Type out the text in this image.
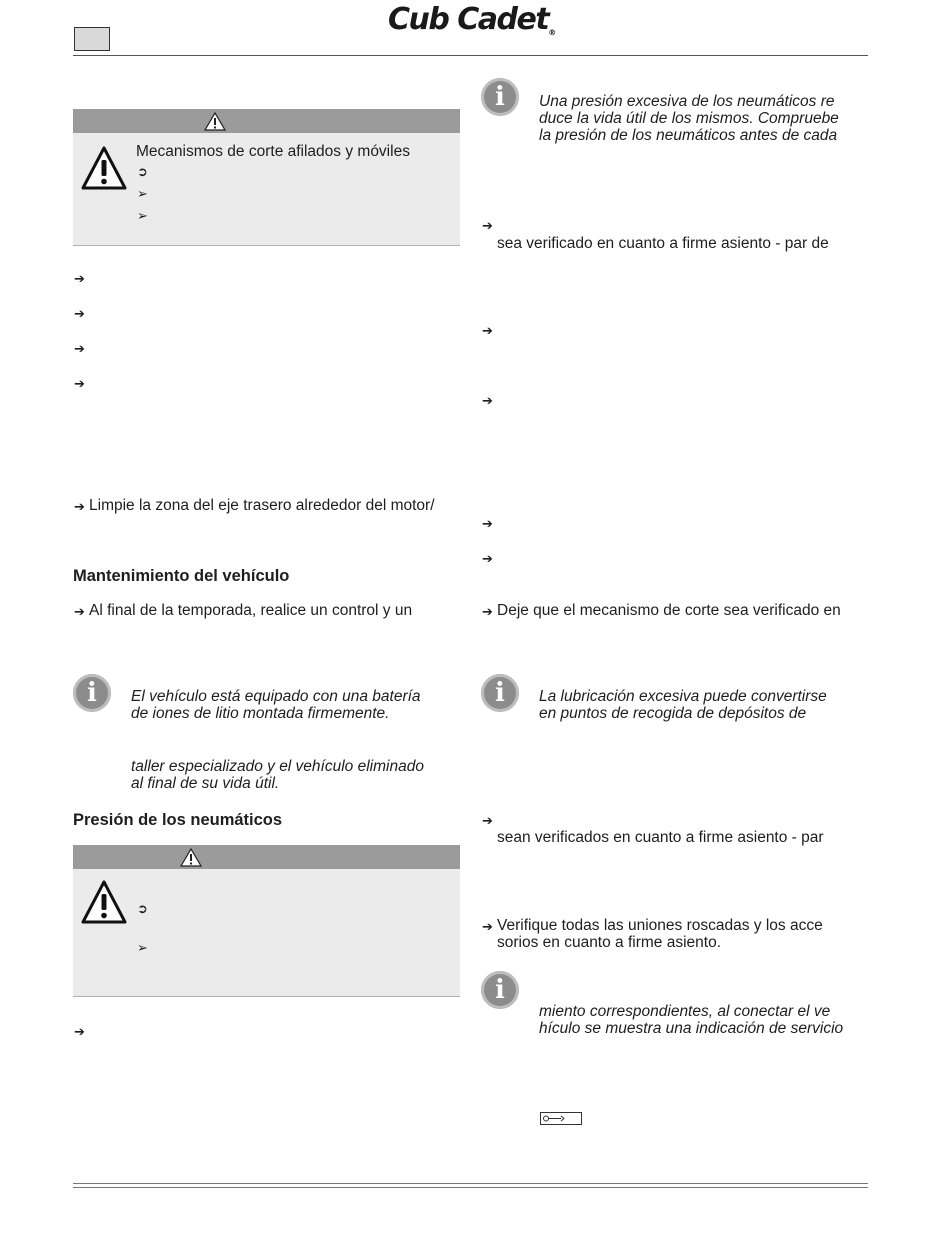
Cub Cadet®
Mecanismos de corte afilados y móviles
➲
➢
➢
➔
➔
➔
➔
➔ Limpie la zona del eje trasero alrededor del motor/
Mantenimiento del vehículo
➔ Al final de la temporada, realice un control y un
i	El vehículo está equipado con una batería
de iones de litio montada firmemente.
taller especializado y el vehículo eliminado
al final de su vida útil.
Presión de los neumáticos
➲
➢
➔
i	Una presión excesiva de los neumáticos re
duce la vida útil de los mismos. Compruebe
la presión de los neumáticos antes de cada
➔
sea verificado en cuanto a firme asiento - par de
➔
➔
➔
➔
➔ Deje que el mecanismo de corte sea verificado en
i	La lubricación excesiva puede convertirse
en puntos de recogida de depósitos de
➔
sean verificados en cuanto a firme asiento - par
➔ Verifique todas las uniones roscadas y los acce
sorios en cuanto a firme asiento.
i
miento correspondientes, al conectar el ve
hículo se muestra una indicación de servicio
